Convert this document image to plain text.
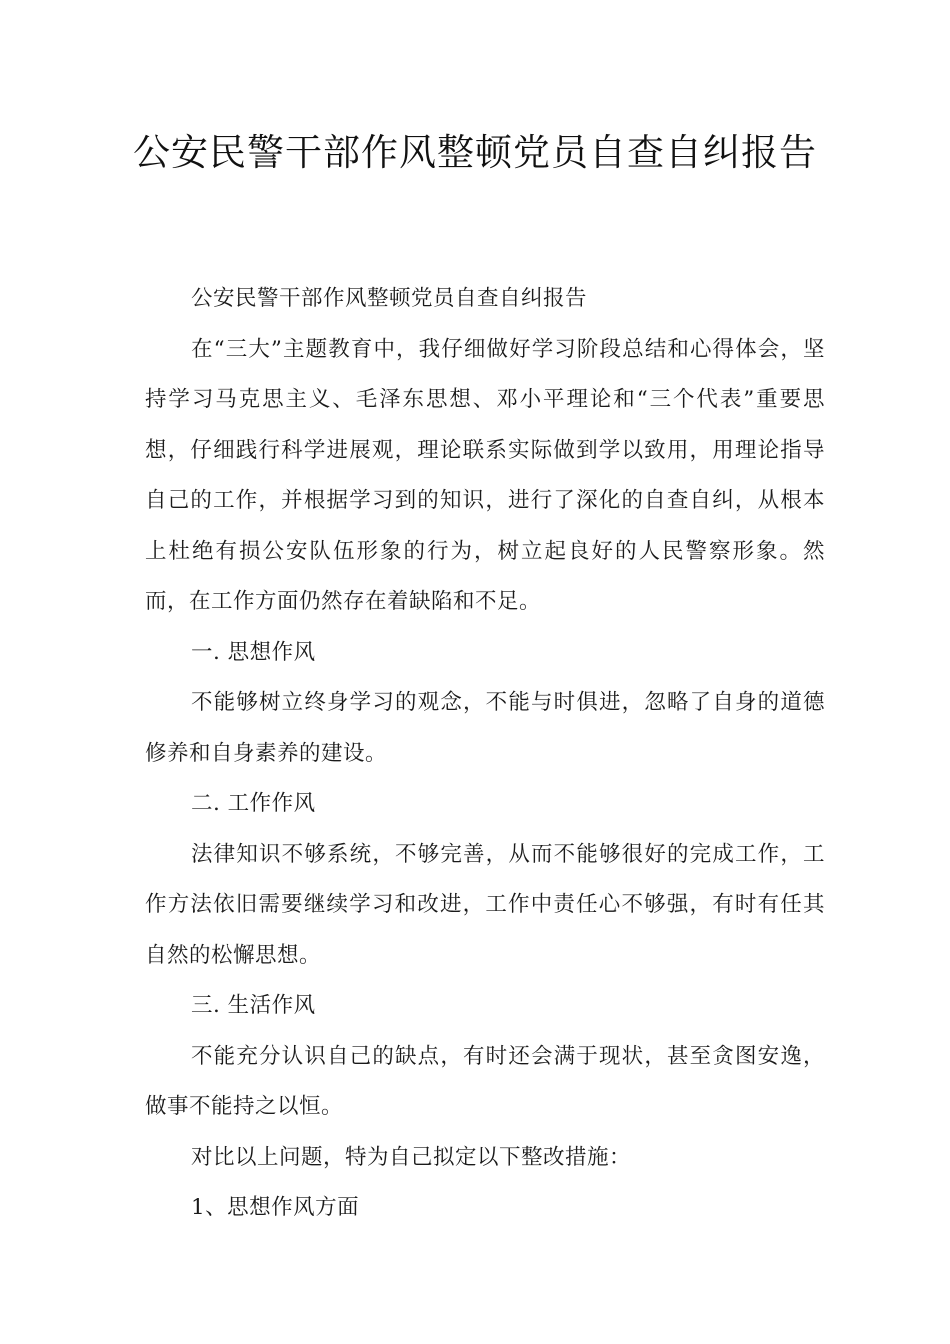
公安民警干部作风整顿党员自查自纠报告

公安民警干部作风整顿党员自查自纠报告

在“三大”主题教育中，我仔细做好学习阶段总结和心得体会，坚持学习马克思主义、毛泽东思想、邓小平理论和“三个代表”重要思想，仔细践行科学进展观，理论联系实际做到学以致用，用理论指导自己的工作，并根据学习到的知识，进行了深化的自查自纠，从根本上杜绝有损公安队伍形象的行为，树立起良好的人民警察形象。然而，在工作方面仍然存在着缺陷和不足。

一. 思想作风

不能够树立终身学习的观念，不能与时俱进，忽略了自身的道德修养和自身素养的建设。

二. 工作作风

法律知识不够系统，不够完善，从而不能够很好的完成工作，工作方法依旧需要继续学习和改进，工作中责任心不够强，有时有任其自然的松懈思想。

三. 生活作风

不能充分认识自己的缺点，有时还会满于现状，甚至贪图安逸，做事不能持之以恒。

对比以上问题，特为自己拟定以下整改措施：

1、思想作风方面
